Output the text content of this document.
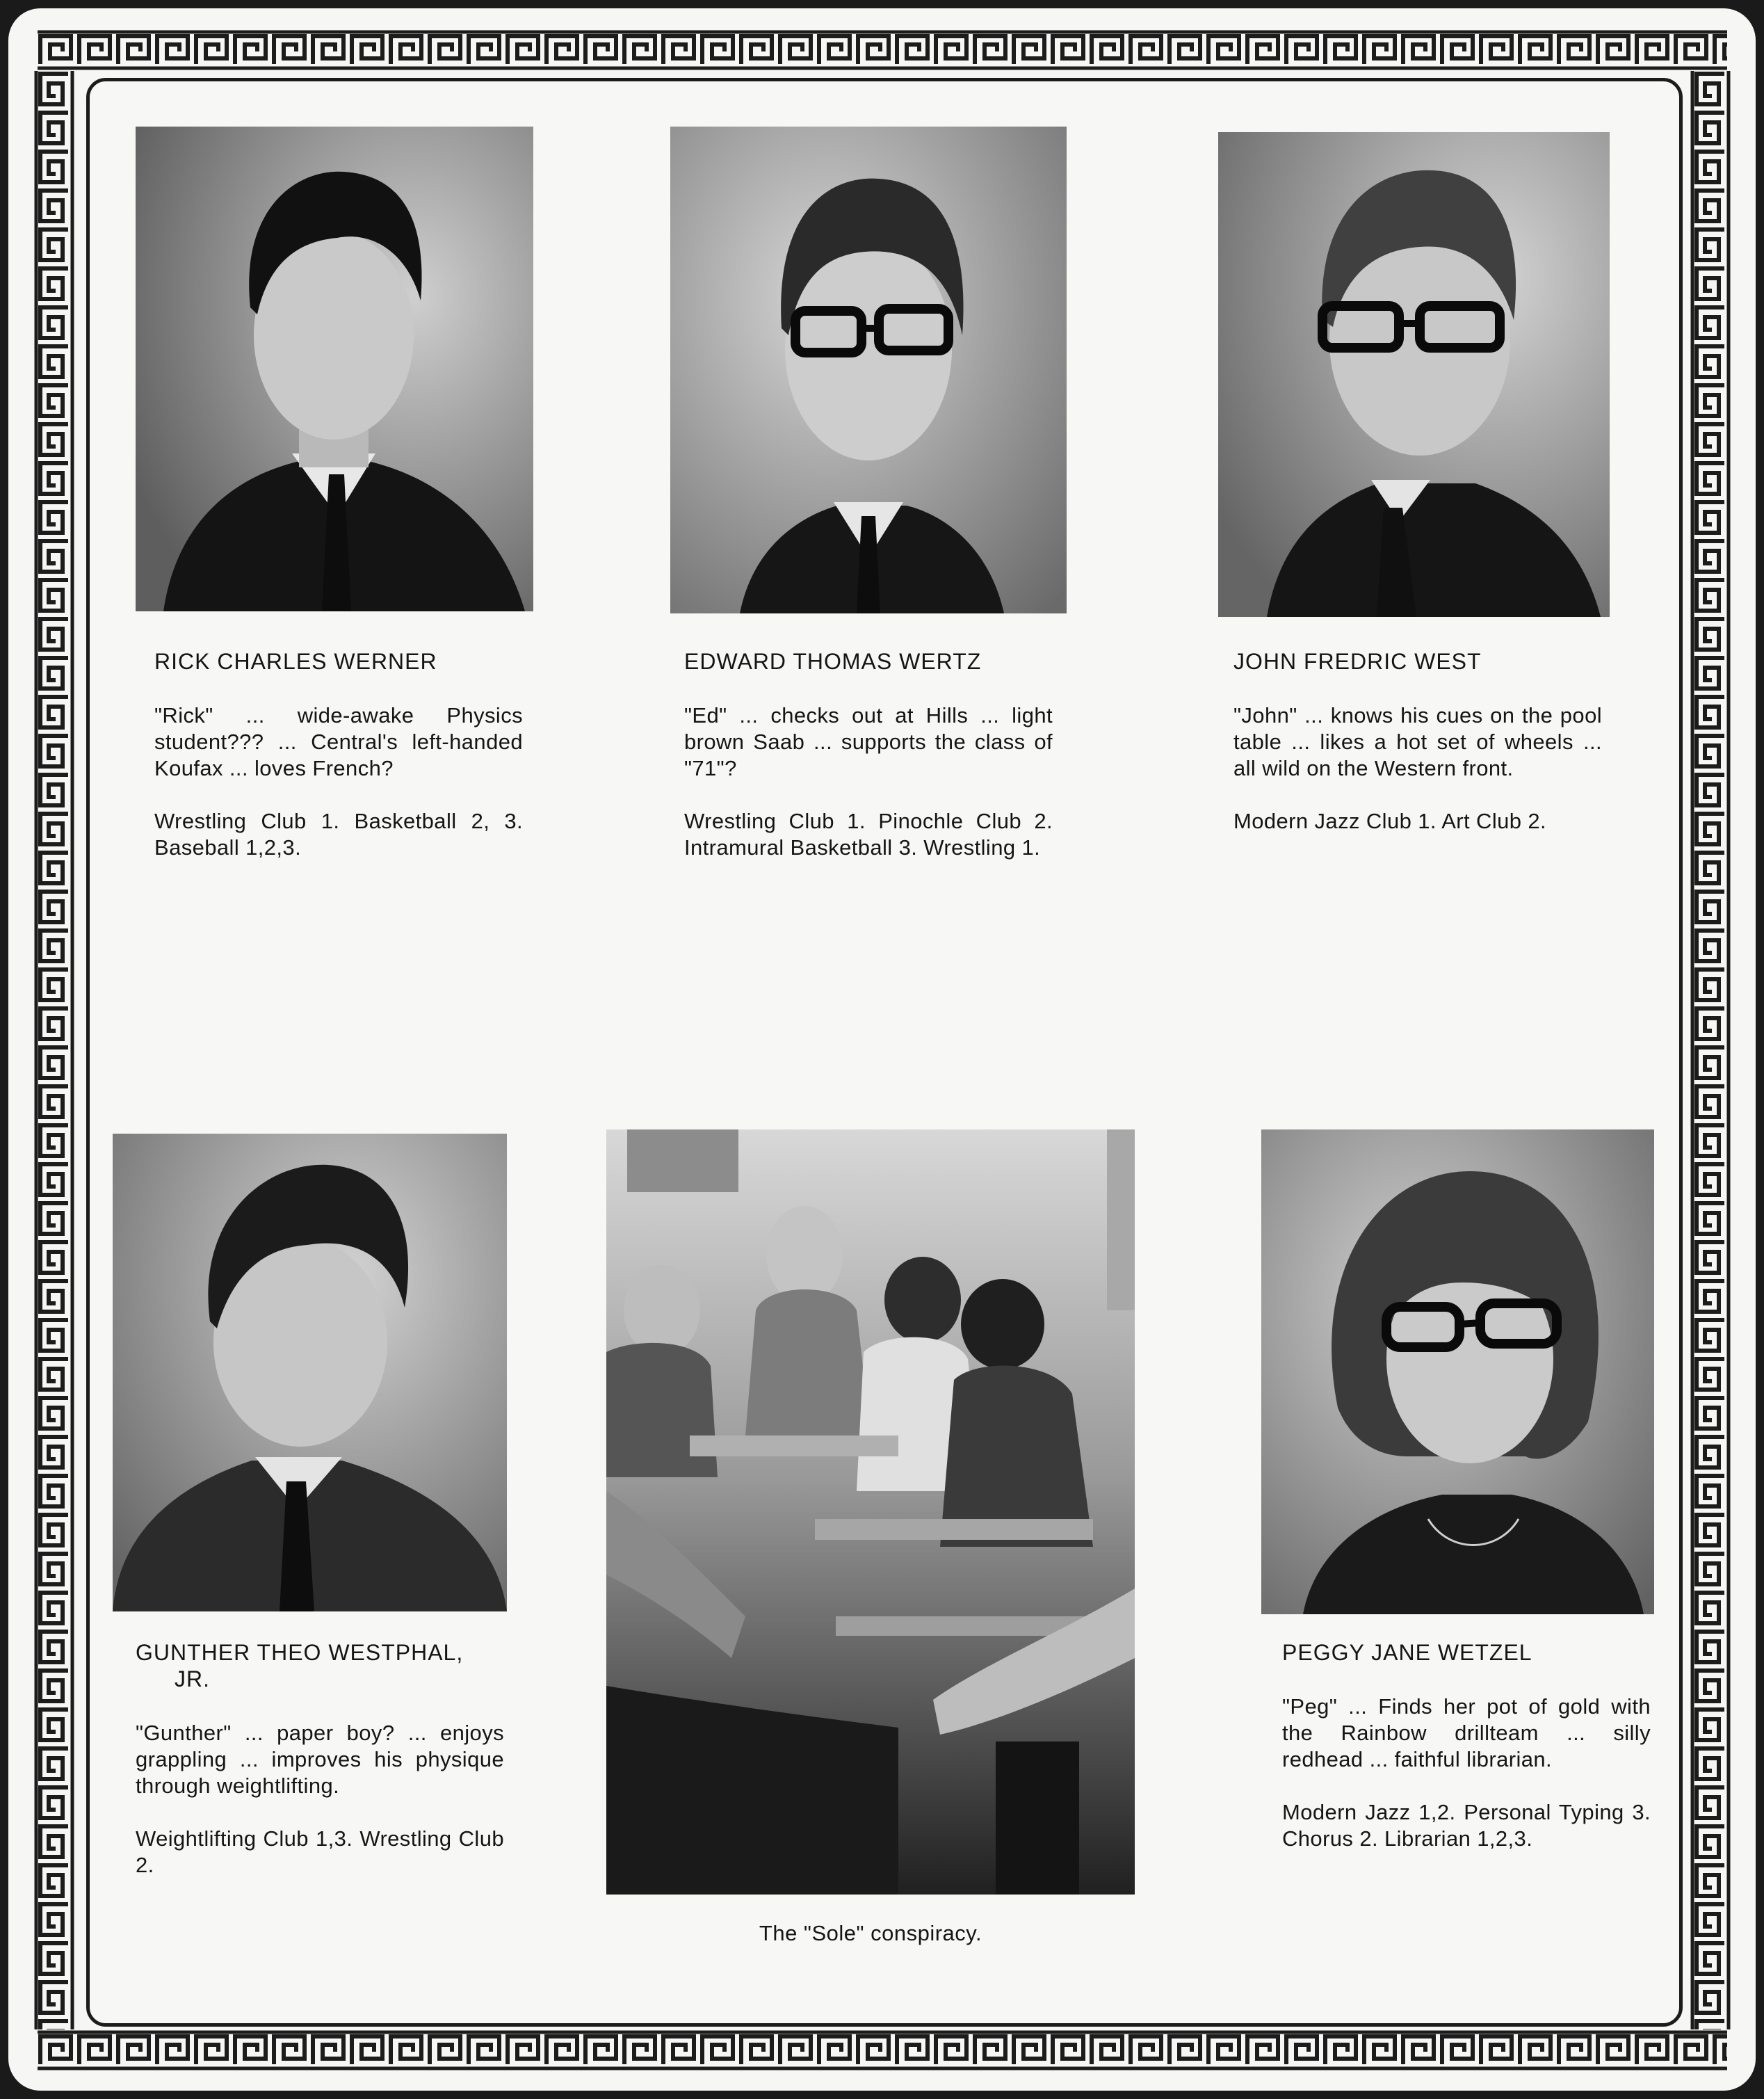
RICK CHARLES WERNER

"Rick" ... wide-awake Physics student??? ... Central's left-handed Koufax ... loves French?

Wrestling Club 1. Basketball 2, 3. Baseball 1,2,3.

EDWARD THOMAS WERTZ

"Ed" ... checks out at Hills ... light brown Saab ... supports the class of "71"?

Wrestling Club 1. Pinochle Club 2. Intramural Basketball 3. Wrestling 1.

JOHN FREDRIC WEST

"John" ... knows his cues on the pool table ... likes a hot set of wheels ... all wild on the Western front.

Modern Jazz Club 1. Art Club 2.

The "Sole" conspiracy.

GUNTHER THEO WESTPHAL,
JR.

"Gunther" ... paper boy? ... enjoys grappling ... improves his physique through weightlifting.

Weightlifting Club 1,3. Wrestling Club 2.

PEGGY JANE WETZEL

"Peg" ... Finds her pot of gold with the Rainbow drillteam ... silly redhead ... faithful librarian.

Modern Jazz 1,2. Personal Typing 3. Chorus 2. Librarian 1,2,3.
